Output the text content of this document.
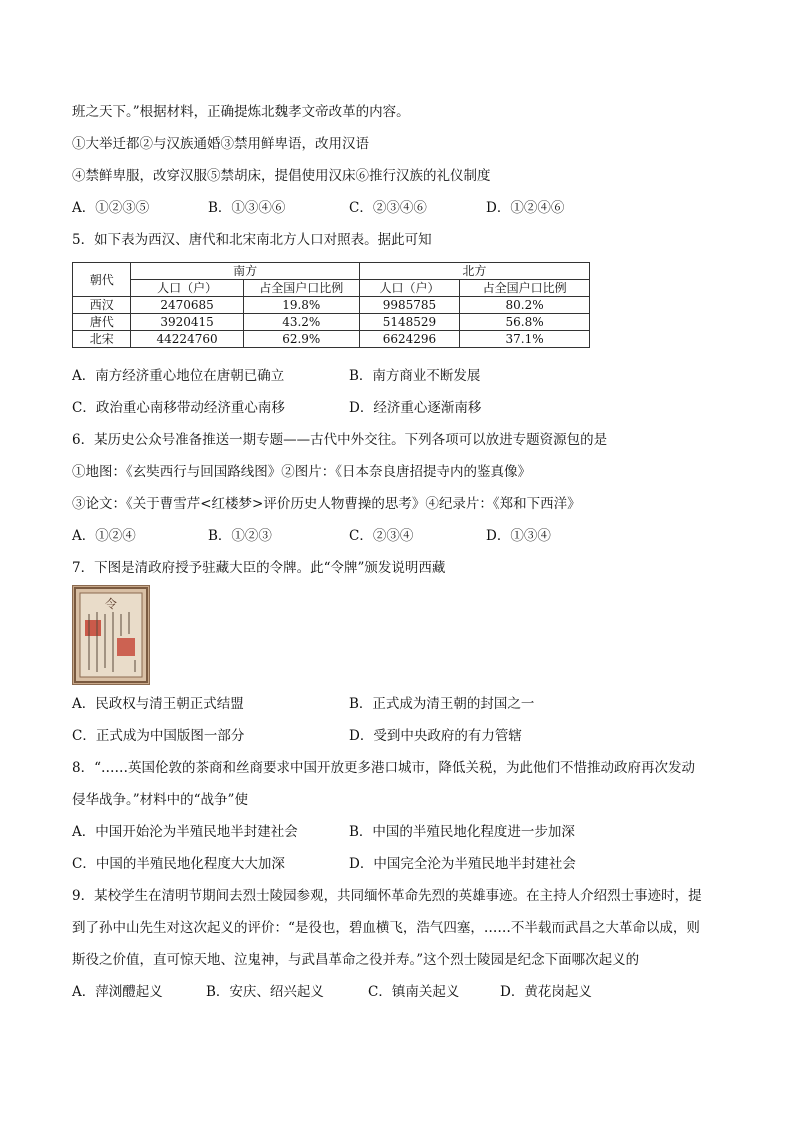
班之天下。”根据材料，正确提炼北魏孝文帝改革的内容。
①大举迁都②与汉族通婚③禁用鲜卑语，改用汉语
④禁鲜卑服，改穿汉服⑤禁胡床，提倡使用汉床⑥推行汉族的礼仪制度
A．①②③⑤	B．①③④⑥	C．②③④⑥	D．①②④⑥
5．如下表为西汉、唐代和北宋南北方人口对照表。据此可知
朝代	南方		北方	
	人口（户）	占全国户口比例	人口（户）	占全国户口比例
西汉	2470685	19.8%	9985785	80.2%
唐代	3920415	43.2%	5148529	56.8%
北宋	44224760	62.9%	6624296	37.1%
A．南方经济重心地位在唐朝已确立	B．南方商业不断发展
C．政治重心南移带动经济重心南移	D．经济重心逐渐南移
6．某历史公众号准备推送一期专题——古代中外交往。下列各项可以放进专题资源包的是
①地图：《玄奘西行与回国路线图》②图片：《日本奈良唐招提寺内的鉴真像》
③论文：《关于曹雪芹<红楼梦>评价历史人物曹操的思考》④纪录片：《郑和下西洋》
A．①②④	B．①②③	C．②③④	D．①③④
7．下图是清政府授予驻藏大臣的令牌。此“令牌”颁发说明西藏
令
A．民政权与清王朝正式结盟	B．正式成为清王朝的封国之一
C．正式成为中国版图一部分	D．受到中央政府的有力管辖
8．“……英国伦敦的茶商和丝商要求中国开放更多港口城市，降低关税，为此他们不惜推动政府再次发动
侵华战争。”材料中的“战争”使
A．中国开始沦为半殖民地半封建社会	B．中国的半殖民地化程度进一步加深
C．中国的半殖民地化程度大大加深	D．中国完全沦为半殖民地半封建社会
9．某校学生在清明节期间去烈士陵园参观，共同缅怀革命先烈的英雄事迹。在主持人介绍烈士事迹时，提
到了孙中山先生对这次起义的评价：“是役也，碧血横飞，浩气四塞，……不半载而武昌之大革命以成，则
斯役之价值，直可惊天地、泣鬼神，与武昌革命之役并寿。”这个烈士陵园是纪念下面哪次起义的
A．萍浏醴起义	B．安庆、绍兴起义	C．镇南关起义	D．黄花岗起义
